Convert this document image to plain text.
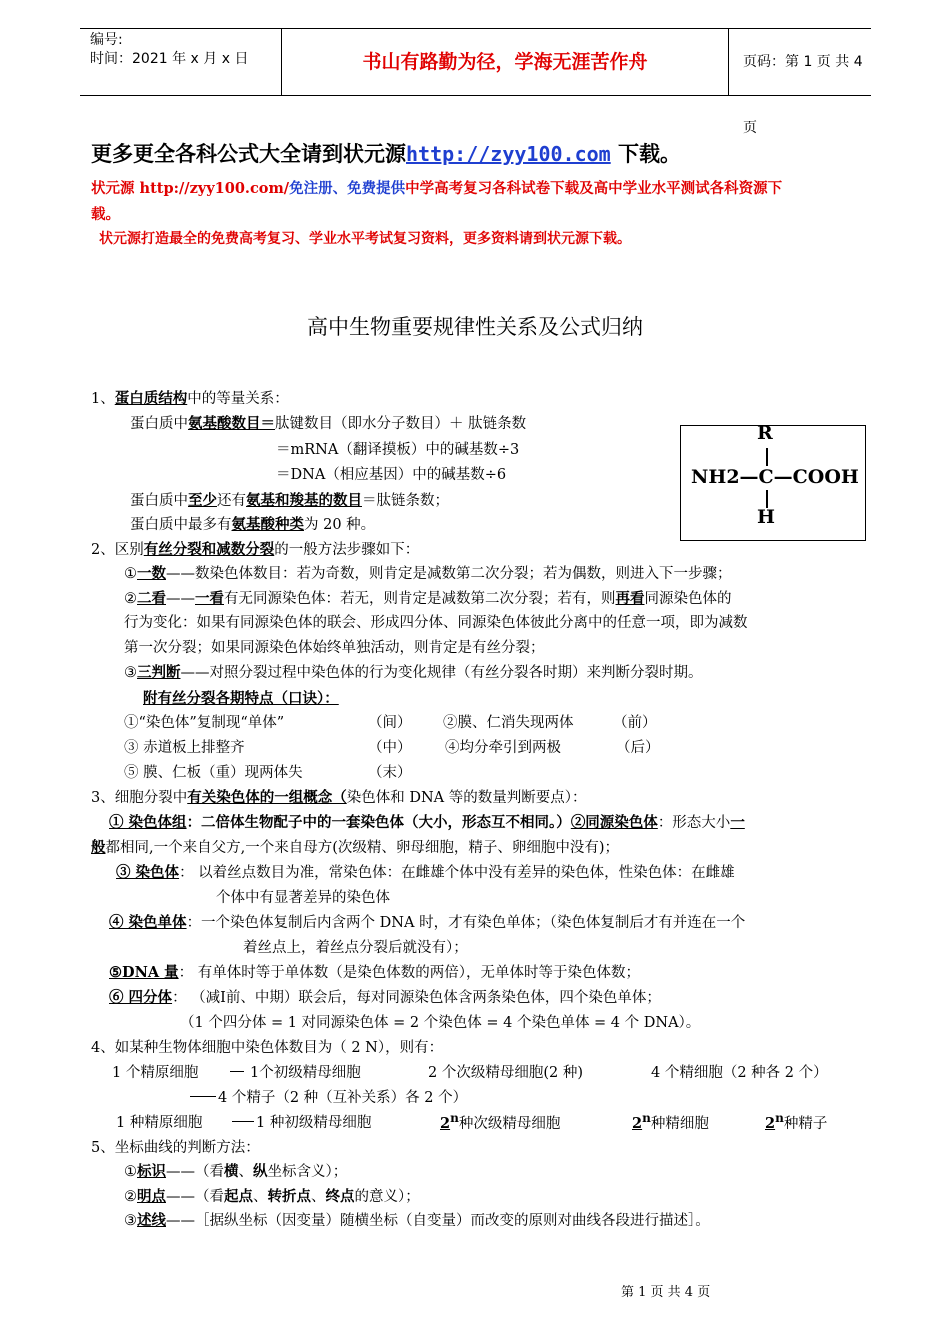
编号:
时间：2021 年 x 月 x 日	书山有路勤为径，学海无涯苦作舟	页码：第 1 页 共 4 页
更多更全各科公式大全请到状元源http://zyy100.com 下载。
状元源 http://zyy100.com/免注册、免费提供中学高考复习各科试卷下载及高中学业水平测试各科资源下
载。
状元源打造最全的免费高考复习、学业水平考试复习资料，更多资料请到状元源下载。
高中生物重要规律性关系及公式归纳
1、蛋白质结构中的等量关系：
蛋白质中氨基酸数目＝肽键数目（即水分子数目）＋ 肽链条数
＝mRNA（翻译摸板）中的碱基数÷3
＝DNA（相应基因）中的碱基数÷6
蛋白质中至少还有氨基和羧基的数目＝肽链条数；
蛋白质中最多有氨基酸种类为 20 种。
R
NH2—C—COOH
H
2、区别有丝分裂和减数分裂的一般方法步骤如下：
①一数——数染色体数目：若为奇数，则肯定是减数第二次分裂；若为偶数，则进入下一步骤；
②二看——一看有无同源染色体：若无，则肯定是减数第二次分裂；若有，则再看同源染色体的
行为变化：如果有同源染色体的联会、形成四分体、同源染色体彼此分离中的任意一项，即为减数
第一次分裂；如果同源染色体始终单独活动，则肯定是有丝分裂；
③三判断——对照分裂过程中染色体的行为变化规律（有丝分裂各时期）来判断分裂时期。
附有丝分裂各期特点（口诀）：
①“染色体”复制现“单体”	（间） ②膜、仁消失现两体	（前）
③ 赤道板上排整齐	（中） ④均分牵引到两极	（后）
⑤ 膜、仁板（重）现两体失	（末）
3、细胞分裂中有关染色体的一组概念（染色体和 DNA 等的数量判断要点）：
① 染色体组：二倍体生物配子中的一套染色体（大小，形态互不相同。）②同源染色体：形态大小一
般都相同,一个来自父方,一个来自母方(次级精、卵母细胞，精子、卵细胞中没有)；
③ 染色体： 以着丝点数目为准，常染色体：在雌雄个体中没有差异的染色体，性染色体：在雌雄
个体中有显著差异的染色体
④ 染色单体：一个染色体复制后内含两个 DNA 时，才有染色单体；（染色体复制后才有并连在一个
着丝点上，着丝点分裂后就没有）；
⑤DNA 量： 有单体时等于单体数（是染色体数的两倍），无单体时等于染色体数；
⑥ 四分体： （减Ⅰ前、中期）联会后，每对同源染色体含两条染色体，四个染色单体；
（1 个四分体 = 1 对同源染色体 = 2 个染色体 = 4 个染色单体 = 4 个 DNA）。
4、如某种生物体细胞中染色体数目为（ 2 N），则有：
1 个精原细胞	1个初级精母细胞	2 个次级精母细胞(2 种)	4 个精细胞（2 种各 2 个）
4 个精子（2 种（互补关系）各 2 个）
1 种精原细胞	1 种初级精母细胞	2$^n$种次级精母细胞	2$^n$种精细胞	2$^n$种精子
5、坐标曲线的判断方法：
①标识——（看横、纵坐标含义）；
②明点——（看起点、转折点、终点的意义）；
③述线——［据纵坐标（因变量）随横坐标（自变量）而改变的原则对曲线各段进行描述］。
第 1 页 共 4 页
